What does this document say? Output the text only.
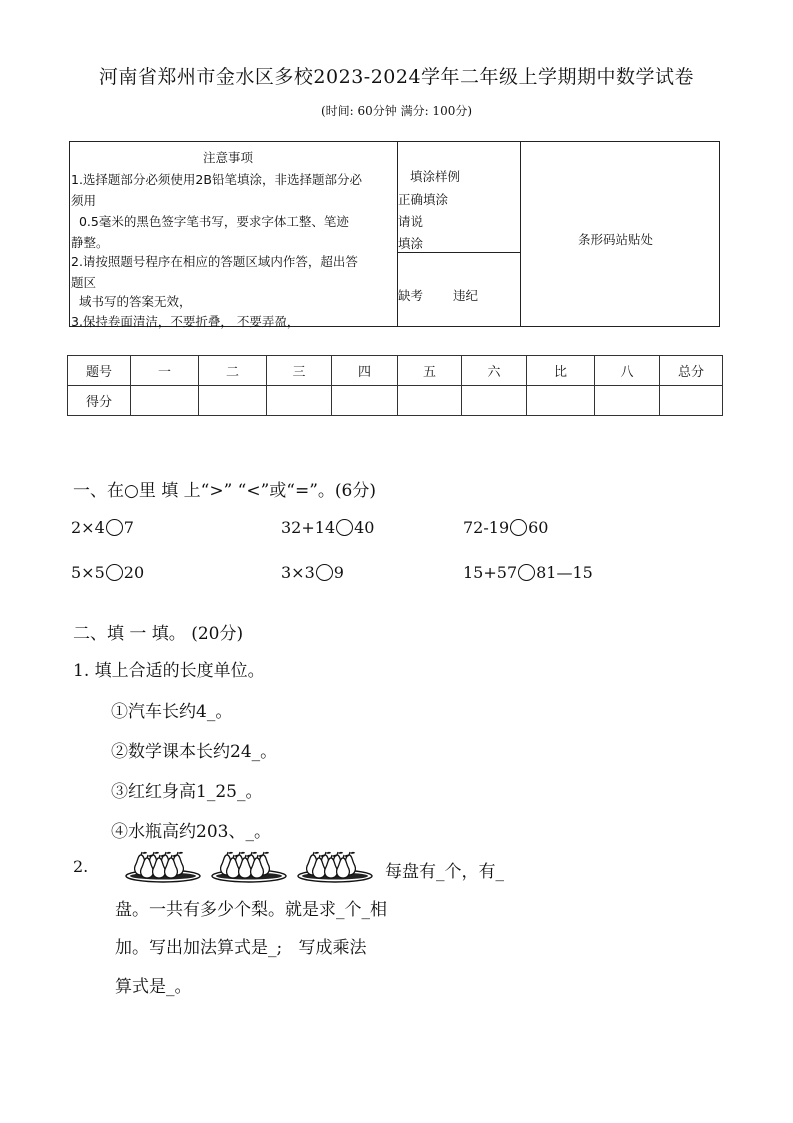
河南省郑州市金水区多校2023-2024学年二年级上学期期中数学试卷
(时间: 60分钟 满分: 100分)
注意事项
1.选择题部分必须使用2B铅笔填涂，非选择题部分必
须用
0.5毫米的黑色签字笔书写，要求字体工整、笔迹
静整。
2.请按照题号程序在相应的答题区域内作答，超出答
题区
域书写的答案无效，
3.保持卷面清洁，不要折叠， 不要弄盈，
填涂样例
正确填涂
请说
填涂
缺考 违纪
条形码站贴处
题号	一	二	三	四	五	六	比	八	总分
得分									
一、在○里 填 上“>” “<”或“=”。(6分)
2×4 7	32+14 40	72-19 60
5×5 20	3×3 9	15+57 81—15
二、填 一 填。 (20分)
1. 填上合适的长度单位。
①汽车长约4_。
②数学课本长约24_。
③红红身高1_25_。
④水瓶高约203、_。
2.	每盘有_个，有_
盘。一共有多少个梨。就是求_个_相
加。写出加法算式是_;   写成乘法
算式是_。
